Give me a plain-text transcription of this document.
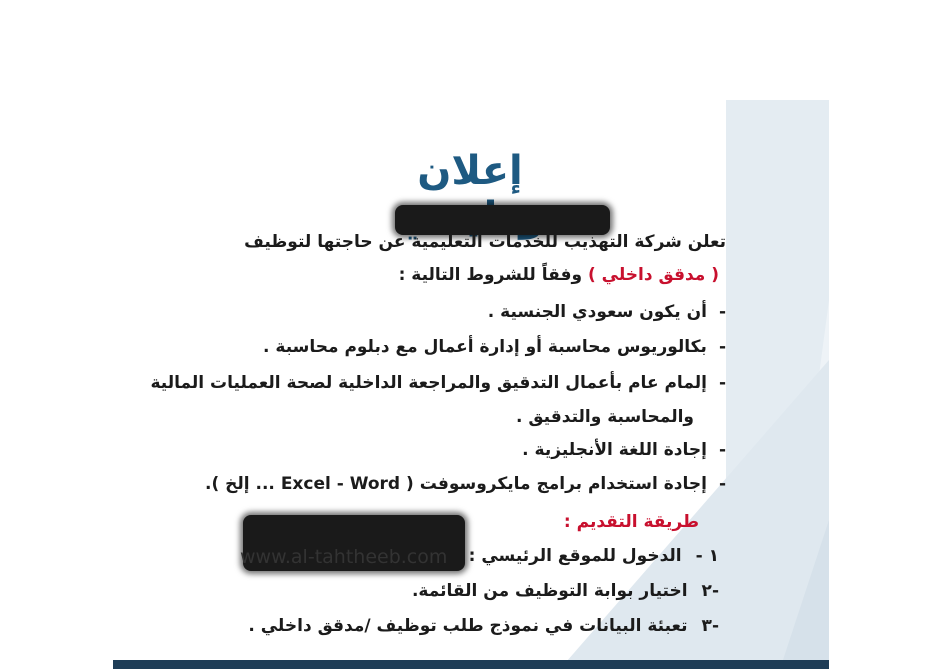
إعلان
تعلن شركة التهذيب للخدمات التعليمية عن حاجتها لتوظيف
( مدقق داخلي ) وفقاً للشروط التالية :
-أن يكون سعودي الجنسية .
-بكالوريوس محاسبة أو إدارة أعمال مع دبلوم محاسبة .
-إلمام عام بأعمال التدقيق والمراجعة الداخلية لصحة العمليات المالية
والمحاسبة والتدقيق .
-إجادة اللغة الأنجليزية .
-إجادة استخدام برامج مايكروسوفت ( Excel - Word ... إلخ ).
طريقة التقديم :
www.al-tahtheeb.com	١ -الدخول للموقع الرئيسي :
-٢اختيار بوابة التوظيف من القائمة.
-٣تعبئة البيانات في نموذج طلب توظيف /مدقق داخلي .
